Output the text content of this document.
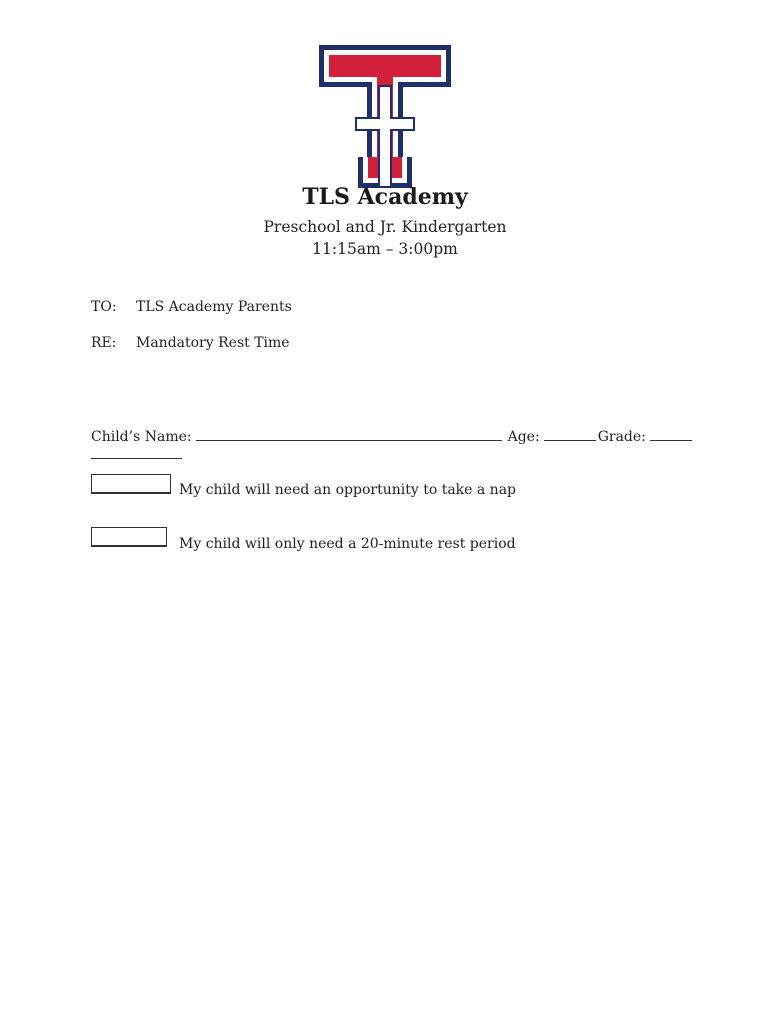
TLS Academy
Preschool and Jr. Kindergarten
11:15am – 3:00pm
TO: TLS Academy Parents
RE: Mandatory Rest Time
Child’s Name:	Age:	Grade:
My child will need an opportunity to take a nap
My child will only need a 20-minute rest period
